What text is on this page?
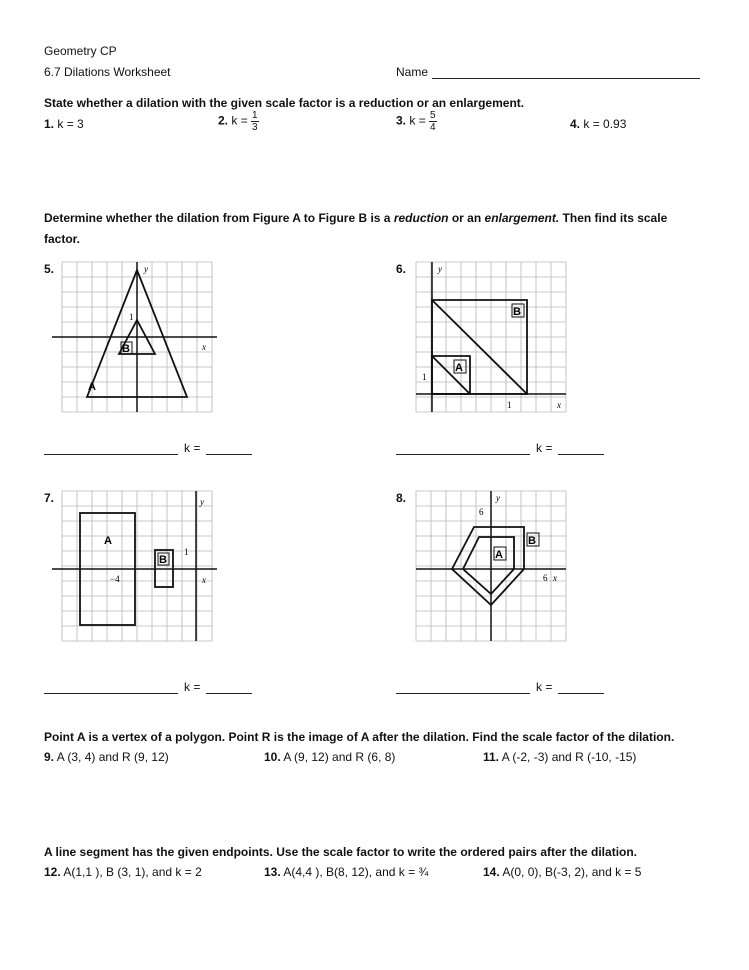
Geometry CP
6.7 Dilations Worksheet	Name
State whether a dilation with the given scale factor is a reduction or an enlargement.
1. k = 3	2. $k = \frac{1}{3}$	3. $k = \frac{5}{4}$	4. k = 0.93
Determine whether the dilation from Figure A to Figure B is a reduction or an enlargement. Then find its scale
factor.
5.	6.
7.	8.
A
B
y
x
1	B
A
y
x
1
1
A
B
y
x
1
−4
B
A
y
x
6
6
k =	k =
k =	k =
Point A is a vertex of a polygon. Point R is the image of A after the dilation. Find the scale factor of the dilation.
9. A (3, 4) and R (9, 12)	10. A (9, 12) and R (6, 8)	11. A (-2, -3) and R (-10, -15)
A line segment has the given endpoints. Use the scale factor to write the ordered pairs after the dilation.
12. A(1,1 ), B (3, 1), and k = 2	13. A(4,4 ), B(8, 12), and k = ¾	14. A(0, 0), B(-3, 2), and k = 5
